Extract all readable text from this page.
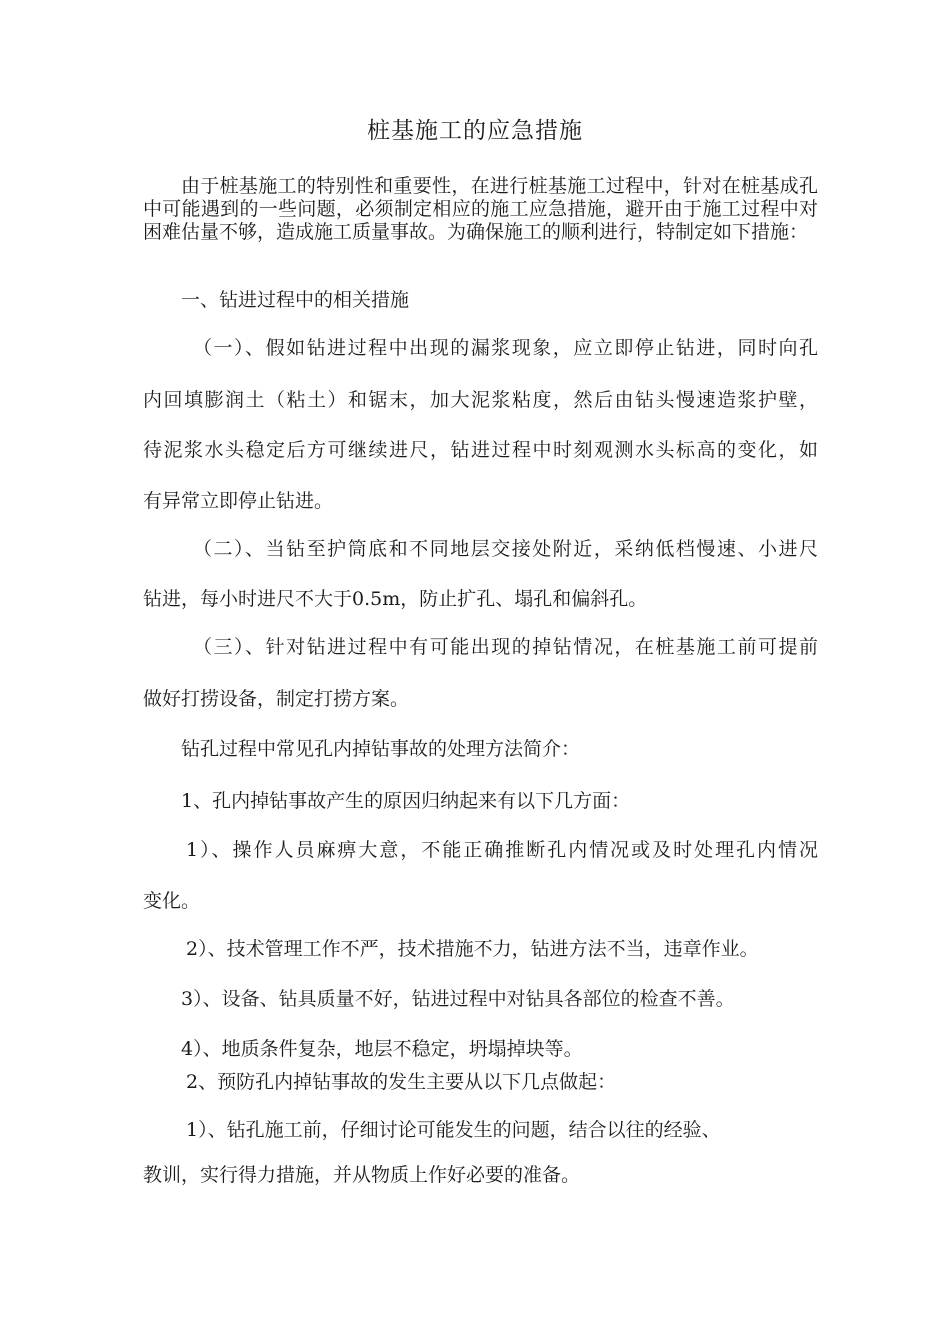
桩基施工的应急措施
由于桩基施工的特别性和重要性，在进行桩基施工过程中，针对在桩基成孔中可能遇到的一些问题，必须制定相应的施工应急措施，避开由于施工过程中对困难估量不够，造成施工质量事故。为确保施工的顺利进行，特制定如下措施：
一、钻进过程中的相关措施
（一）、假如钻进过程中出现的漏浆现象，应立即停止钻进，同时向孔
内回填膨润土（粘土）和锯末，加大泥浆粘度，然后由钻头慢速造浆护壁，
待泥浆水头稳定后方可继续进尺，钻进过程中时刻观测水头标高的变化，如
有异常立即停止钻进。
（二）、当钻至护筒底和不同地层交接处附近，采纳低档慢速、小进尺
钻进，每小时进尺不大于0.5m，防止扩孔、塌孔和偏斜孔。
（三）、针对钻进过程中有可能出现的掉钻情况，在桩基施工前可提前
做好打捞设备，制定打捞方案。
钻孔过程中常见孔内掉钻事故的处理方法简介：
1、孔内掉钻事故产生的原因归纳起来有以下几方面：
1）、操作人员麻痹大意，不能正确推断孔内情况或及时处理孔内情况
变化。
2）、技术管理工作不严，技术措施不力，钻进方法不当，违章作业。
3）、设备、钻具质量不好，钻进过程中对钻具各部位的检查不善。
4）、地质条件复杂，地层不稳定，坍塌掉块等。
2、预防孔内掉钻事故的发生主要从以下几点做起：
1）、钻孔施工前，仔细讨论可能发生的问题，结合以往的经验、
教训，实行得力措施，并从物质上作好必要的准备。
